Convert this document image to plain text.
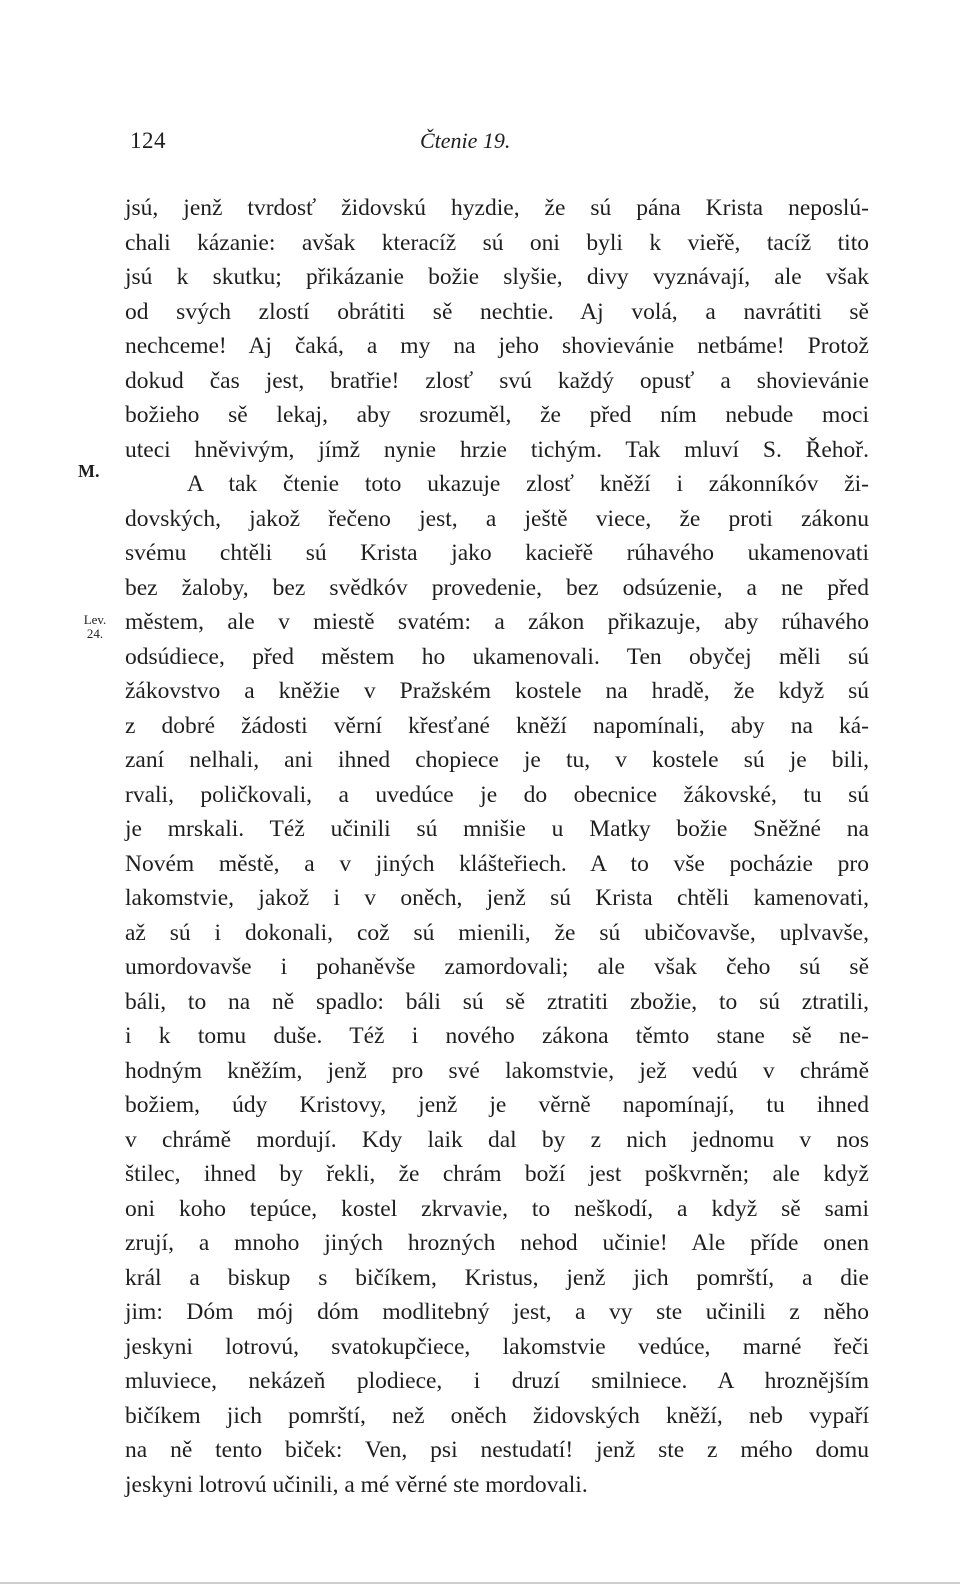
124	Čtenie 19.
M.
Lev.
24.
jsú, jenž tvrdosť židovskú hyzdie, že sú pána Krista neposlú-
chali kázanie: avšak kteracíž sú oni byli k vieřě, tacíž tito
jsú k skutku; přikázanie božie slyšie, divy vyznávají, ale však
od svých zlostí obrátiti sě nechtie. Aj volá, a navrátiti sě
nechceme! Aj čaká, a my na jeho shovievánie netbáme! Protož
dokud čas jest, bratřie! zlosť svú každý opusť a shovievánie
božieho sě lekaj, aby srozuměl, že před ním nebude moci
uteci hněvivým, jímž nynie hrzie tichým. Tak mluví S. Řehoř.
A tak čtenie toto ukazuje zlosť kněží i zákonníkóv ži-
dovských, jakož řečeno jest, a ještě viece, že proti zákonu
svému chtěli sú Krista jako kacieřě rúhavého ukamenovati
bez žaloby, bez svědkóv provedenie, bez odsúzenie, a ne před
městem, ale v miestě svatém: a zákon přikazuje, aby rúhavého
odsúdiece, před městem ho ukamenovali. Ten obyčej měli sú
žákovstvo a kněžie v Pražském kostele na hradě, že když sú
z dobré žádosti věrní křesťané kněží napomínali, aby na ká-
zaní nelhali, ani ihned chopiece je tu, v kostele sú je bili,
rvali, poličkovali, a uvedúce je do obecnice žákovské, tu sú
je mrskali. Též učinili sú mnišie u Matky božie Sněžné na
Novém městě, a v jiných klášteřiech. A to vše pocházie pro
lakomstvie, jakož i v oněch, jenž sú Krista chtěli kamenovati,
až sú i dokonali, což sú mienili, že sú ubičovavše, uplvavše,
umordovavše i pohaněvše zamordovali; ale však čeho sú sě
báli, to na ně spadlo: báli sú sě ztratiti zbožie, to sú ztratili,
i k tomu duše. Též i nového zákona těmto stane sě ne-
hodným kněžím, jenž pro své lakomstvie, jež vedú v chrámě
božiem, údy Kristovy, jenž je věrně napomínají, tu ihned
v chrámě mordují. Kdy laik dal by z nich jednomu v nos
štilec, ihned by řekli, že chrám boží jest poškvrněn; ale když
oni koho tepúce, kostel zkrvavie, to neškodí, a když sě sami
zrují, a mnoho jiných hrozných nehod učinie! Ale příde onen
král a biskup s bičíkem, Kristus, jenž jich pomrští, a die
jim: Dóm mój dóm modlitebný jest, a vy ste učinili z něho
jeskyni lotrovú, svatokupčiece, lakomstvie vedúce, marné řeči
mluviece, nekázeň plodiece, i druzí smilniece. A hroznějším
bičíkem jich pomrští, než oněch židovských kněží, neb vypaří
na ně tento biček: Ven, psi nestudatí! jenž ste z mého domu
jeskyni lotrovú učinili, a mé věrné ste mordovali.
